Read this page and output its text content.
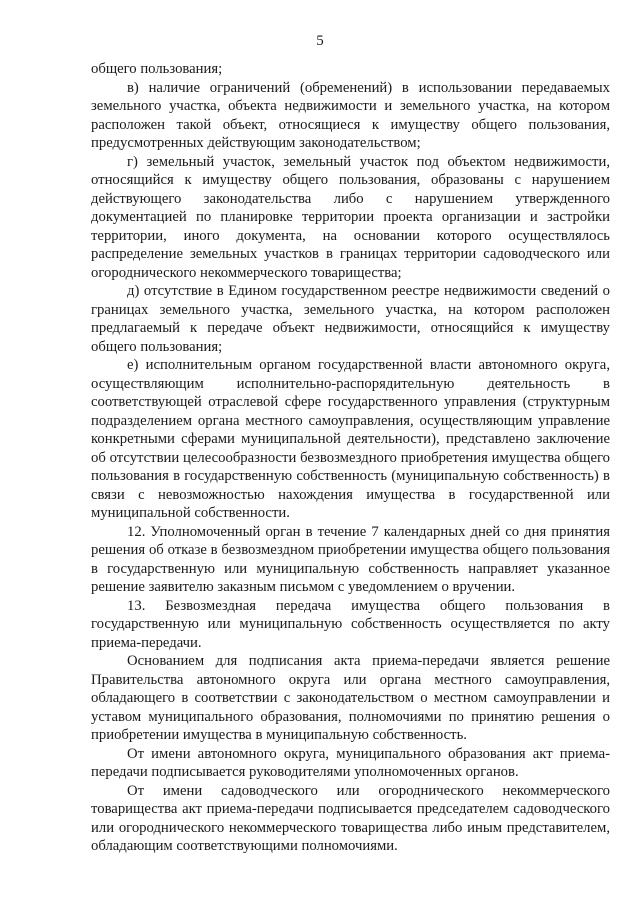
5

общего пользования;

в) наличие ограничений (обременений) в использовании передаваемых земельного участка, объекта недвижимости и земельного участка, на котором расположен такой объект, относящиеся к имуществу общего пользования, предусмотренных действующим законодательством;

г) земельный участок, земельный участок под объектом недвижимости, относящийся к имуществу общего пользования, образованы с нарушением действующего законодательства либо с нарушением утвержденного документацией по планировке территории проекта организации и застройки территории, иного документа, на основании которого осуществлялось распределение земельных участков в границах территории садоводческого или огороднического некоммерческого товарищества;

д) отсутствие в Едином государственном реестре недвижимости сведений о границах земельного участка, земельного участка, на котором расположен предлагаемый к передаче объект недвижимости, относящийся к имуществу общего пользования;

е) исполнительным органом государственной власти автономного округа, осуществляющим исполнительно-распорядительную деятельность в соответствующей отраслевой сфере государственного управления (структурным подразделением органа местного самоуправления, осуществляющим управление конкретными сферами муниципальной деятельности), представлено заключение об отсутствии целесообразности безвозмездного приобретения имущества общего пользования в государственную собственность (муниципальную собственность) в связи с невозможностью нахождения имущества в государственной или муниципальной собственности.

12. Уполномоченный орган в течение 7 календарных дней со дня принятия решения об отказе в безвозмездном приобретении имущества общего пользования в государственную или муниципальную собственность направляет указанное решение заявителю заказным письмом с уведомлением о вручении.

13. Безвозмездная передача имущества общего пользования в государственную или муниципальную собственность осуществляется по акту приема-передачи.

Основанием для подписания акта приема-передачи является решение Правительства автономного округа или органа местного самоуправления, обладающего в соответствии с законодательством о местном самоуправлении и уставом муниципального образования, полномочиями по принятию решения о приобретении имущества в муниципальную собственность.

От имени автономного округа, муниципального образования акт приема-передачи подписывается руководителями уполномоченных органов.

От имени садоводческого или огороднического некоммерческого товарищества акт приема-передачи подписывается председателем садоводческого или огороднического некоммерческого товарищества либо иным представителем, обладающим соответствующими полномочиями.
